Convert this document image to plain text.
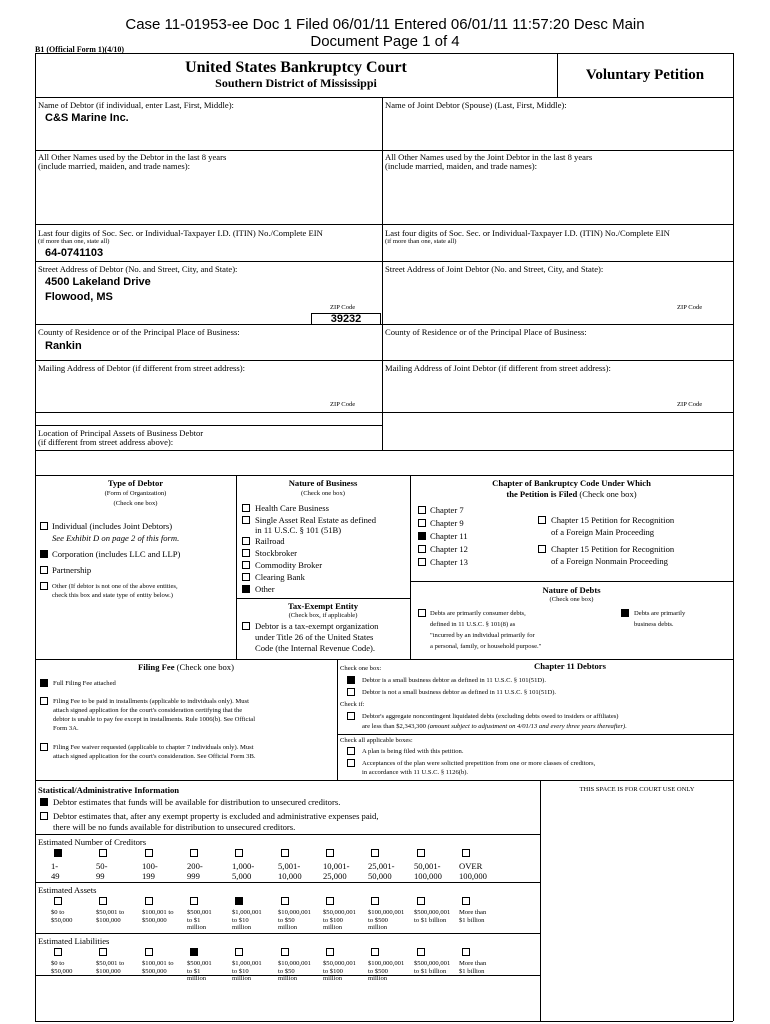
Case 11-01953-ee Doc 1 Filed 06/01/11 Entered 06/01/11 11:57:20 Desc Main
Document Page 1 of 4
B1 (Official Form 1)(4/10)
United States Bankruptcy Court
Southern District of Mississippi	Voluntary Petition
Name of Debtor (if individual, enter Last, First, Middle):
C&S Marine Inc.
All Other Names used by the Debtor in the last 8 years
(include married, maiden, and trade names):
Last four digits of Soc. Sec. or Individual-Taxpayer I.D. (ITIN) No./Complete EIN
(if more than one, state all)
64-0741103
Street Address of Debtor (No. and Street, City, and State):
4500 Lakeland Drive
Flowood, MS
ZIP Code
39232
County of Residence or of the Principal Place of Business:
Rankin
Mailing Address of Debtor (if different from street address):
ZIP Code
Location of Principal Assets of Business Debtor
(if different from street address above):
Name of Joint Debtor (Spouse) (Last, First, Middle):
All Other Names used by the Joint Debtor in the last 8 years
(include married, maiden, and trade names):
Last four digits of Soc. Sec. or Individual-Taxpayer I.D. (ITIN) No./Complete EIN
(if more than one, state all)
Street Address of Joint Debtor (No. and Street, City, and State):
ZIP Code
County of Residence or of the Principal Place of Business:
Mailing Address of Joint Debtor (if different from street address):
ZIP Code
Type of Debtor
(Form of Organization)
(Check one box)
Individual (includes Joint Debtors)
See Exhibit D on page 2 of this form.
Corporation (includes LLC and LLP)
Partnership
Other (If debtor is not one of the above entities,
check this box and state type of entity below.)
Nature of Business
(Check one box)
Health Care Business
Single Asset Real Estate as defined
in 11 U.S.C. § 101 (51B)
Railroad
Stockbroker
Commodity Broker
Clearing Bank
Other
Tax-Exempt Entity
(Check box, if applicable)
Debtor is a tax-exempt organization
under Title 26 of the United States
Code (the Internal Revenue Code).
Chapter of Bankruptcy Code Under Which
the Petition is Filed (Check one box)
Chapter 7
Chapter 9
Chapter 11
Chapter 12
Chapter 13
Chapter 15 Petition for Recognition
of a Foreign Main Proceeding
Chapter 15 Petition for Recognition
of a Foreign Nonmain Proceeding
Nature of Debts
(Check one box)
Debts are primarily consumer debts,
defined in 11 U.S.C. § 101(8) as
"incurred by an individual primarily for
a personal, family, or household purpose."
Debts are primarily
business debts.
Filing Fee (Check one box)
Full Filing Fee attached
Filing Fee to be paid in installments (applicable to individuals only). Must
attach signed application for the court's consideration certifying that the
debtor is unable to pay fee except in installments. Rule 1006(b). See Official
Form 3A.
Filing Fee waiver requested (applicable to chapter 7 individuals only). Must
attach signed application for the court's consideration. See Official Form 3B.
Check one box:	Chapter 11 Debtors
Debtor is a small business debtor as defined in 11 U.S.C. § 101(51D).
Debtor is not a small business debtor as defined in 11 U.S.C. § 101(51D).
Check if:
Debtor's aggregate noncontingent liquidated debts (excluding debts owed to insiders or affiliates)
are less than $2,343,300 (amount subject to adjustment on 4/01/13 and every three years thereafter).
Check all applicable boxes:
A plan is being filed with this petition.
Acceptances of the plan were solicited prepetition from one or more classes of creditors,
in accordance with 11 U.S.C. § 1126(b).
Statistical/Administrative Information	THIS SPACE IS FOR COURT USE ONLY
Debtor estimates that funds will be available for distribution to unsecured creditors.
Debtor estimates that, after any exempt property is excluded and administrative expenses paid,
there will be no funds available for distribution to unsecured creditors.
Estimated Number of Creditors
1-
49
50-
99
100-
199
200-
999
1,000-
5,000
5,001-
10,000
10,001-
25,000
25,001-
50,000
50,001-
100,000
OVER
100,000
Estimated Assets
$0 to
$50,000
$50,001 to
$100,000
$100,001 to
$500,000
$500,001
to $1
million
$1,000,001
to $10
million
$10,000,001
to $50
million
$50,000,001
to $100
million
$100,000,001
to $500
million
$500,000,001
to $1 billion
More than
$1 billion
Estimated Liabilities
$0 to
$50,000
$50,001 to
$100,000
$100,001 to
$500,000
$500,001
to $1
million
$1,000,001
to $10
million
$10,000,001
to $50
million
$50,000,001
to $100
million
$100,000,001
to $500
million
$500,000,001
to $1 billion
More than
$1 billion
